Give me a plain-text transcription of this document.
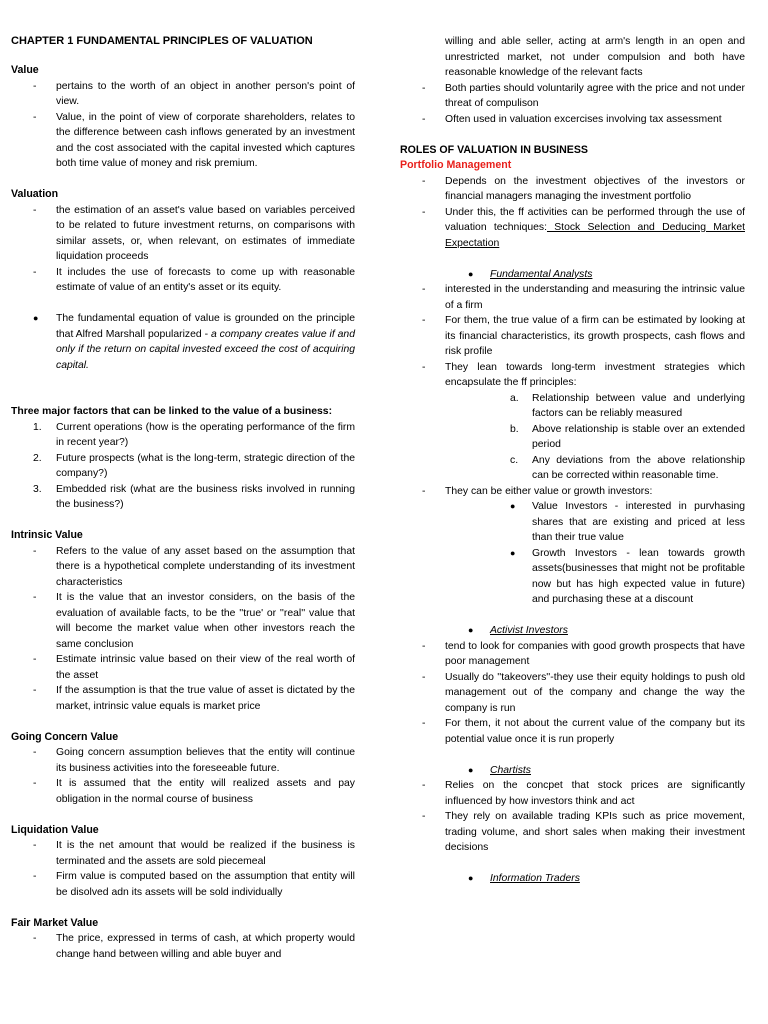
CHAPTER 1 FUNDAMENTAL PRINCIPLES OF VALUATION
Value
-	pertains to the worth of an object in another person's point of view.
-	Value, in the point of view of corporate shareholders, relates to the difference between cash inflows generated by an investment and the cost associated with the capital invested which captures both time value of money and risk premium.
Valuation
-	the estimation of an asset's value based on variables perceived to be related to future investment returns, on comparisons with similar assets, or, when relevant, on estimates of immediate liquidation proceeds
-	It includes the use of forecasts to come up with reasonable estimate of value of an entity's asset or its equity.
●	The fundamental equation of value is grounded on the principle that Alfred Marshall popularized - a company creates value if and only if the return on capital invested exceed the cost of acquiring capital.
Three major factors that can be linked to the value of a business:
1.	Current operations (how is the operating performance of the firm in recent year?)
2.	Future prospects (what is the long-term, strategic direction of the company?)
3.	Embedded risk (what are the business risks involved in running the business?)
Intrinsic Value
-	Refers to the value of any asset based on the assumption that there is a hypothetical complete understanding of its investment characteristics
-	It is the value that an investor considers, on the basis of the evaluation of available facts, to be the ''true' or ''real'' value that will become the market value when other investors reach the same conclusion
-	Estimate intrinsic value based on their view of the real worth of the asset
-	If the assumption is that the true value of asset is dictated by the market, intrinsic value equals is market price
Going Concern Value
-	Going concern assumption believes that the entity will continue its business activities into the foreseeable future.
-	It is assumed that the entity will realized assets and pay obligation in the normal course of business
Liquidation Value
-	It is the net amount that would be realized if the business is terminated and the assets are sold piecemeal
-	Firm value is computed based on the assumption that entity will be disolved adn its assets will be sold individually
Fair Market Value
-	The price, expressed in terms of cash, at which property would change hand between willing and able buyer and
willing and able seller, acting at arm's length in an open and unrestricted market, not under compulsion and both have reasonable knowledge of the relevant facts
-	Both parties should voluntarily agree with the price and not under threat of compulison
-	Often used in valuation excercises involving tax assessment
ROLES OF VALUATION IN BUSINESS
Portfolio Management
-	Depends on the investment objectives of the investors or financial managers managing the investment portfolio
-	Under this, the ff activities can be performed through the use of valuation techniques: Stock Selection and Deducing Market Expectation
●	Fundamental Analysts
-	interested in the understanding and measuring the intrinsic value of a firm
-	For them, the true value of a firm can be estimated by looking at its financial characteristics, its growth prospects, cash flows and risk profile
-	They lean towards long-term investment strategies which encapsulate the ff principles:
a.	Relationship between value and underlying factors can be reliably measured
b.	Above relationship is stable over an extended period
c.	Any deviations from the above relationship can be corrected within reasonable time.
-	They can be either value or growth investors:
●	Value Investors - interested in purvhasing shares that are existing and priced at less than their true value
●	Growth Investors - lean towards growth assets(businesses that might not be profitable now but has high expected value in future) and purchasing these at a discount
●	Activist Investors
-	tend to look for companies with good growth prospects that have poor management
-	Usually do ''takeovers''-they use their equity holdings to push old management out of the company and change the way the company is run
-	For them, it not about the current value of the company but its potential value once it is run properly
●	Chartists
-	Relies on the concpet that stock prices are significantly influenced by how investors think and act
-	They rely on available trading KPIs such as price movement, trading volume, and short sales when making their investment decisions
●	Information Traders
